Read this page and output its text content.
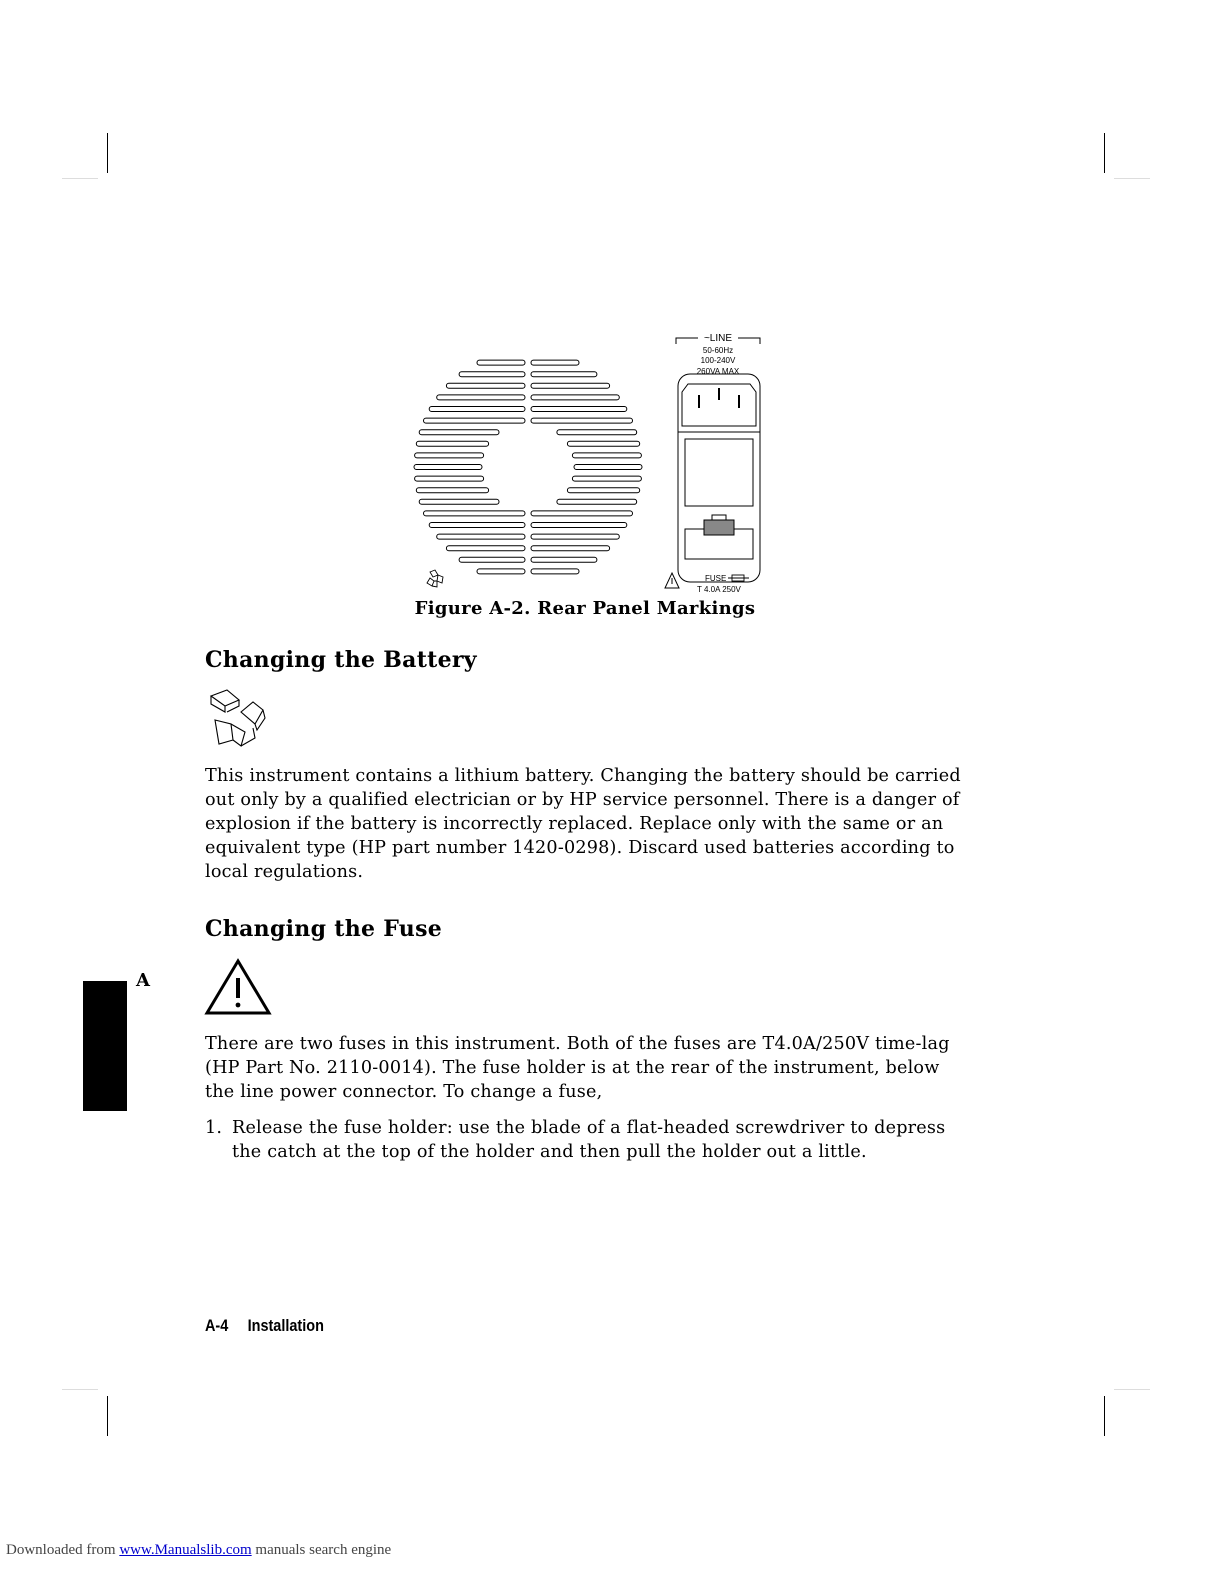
~LINE
50-60Hz
100-240V
260VA MAX
FUSE
T 4.0A 250V
Figure A-2. Rear Panel Markings
Changing the Battery
This instrument contains a lithium battery. Changing the battery should be carried out only by a qualified electrician or by HP service personnel. There is a danger of explosion if the battery is incorrectly replaced. Replace only with the same or an equivalent type (HP part number 1420-0298). Discard used batteries according to local regulations.
Changing the Fuse
There are two fuses in this instrument. Both of the fuses are T4.0A/250V time-lag (HP Part No. 2110-0014). The fuse holder is at the rear of the instrument, below the line power connector. To change a fuse,
1. Release the fuse holder: use the blade of a flat-headed screwdriver to depress the catch at the top of the holder and then pull the holder out a little.
A
A-4 Installation
Downloaded from www.Manualslib.com manuals search engine
